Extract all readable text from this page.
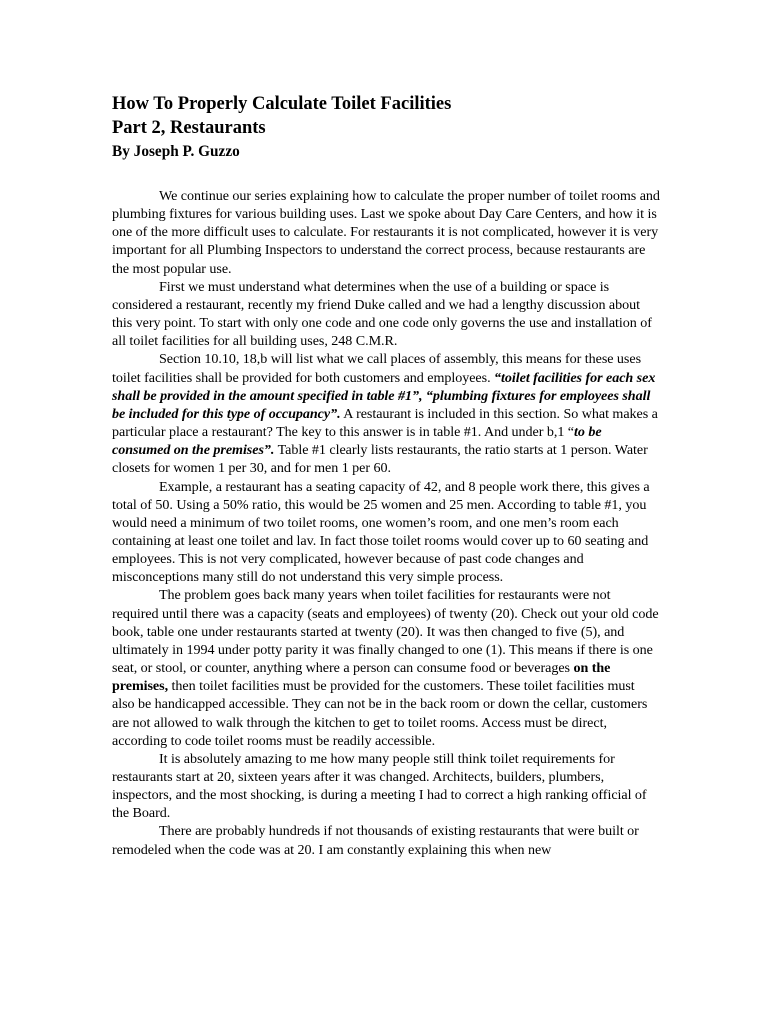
How To Properly Calculate Toilet Facilities
Part 2, Restaurants
By Joseph P. Guzzo

We continue our series explaining how to calculate the proper number of toilet rooms and plumbing fixtures for various building uses. Last we spoke about Day Care Centers, and how it is one of the more difficult uses to calculate. For restaurants it is not complicated, however it is very important for all Plumbing Inspectors to understand the correct process, because restaurants are the most popular use.

First we must understand what determines when the use of a building or space is considered a restaurant, recently my friend Duke called and we had a lengthy discussion about this very point. To start with only one code and one code only governs the use and installation of all toilet facilities for all building uses, 248 C.M.R.

Section 10.10, 18,b will list what we call places of assembly, this means for these uses toilet facilities shall be provided for both customers and employees. “toilet facilities for each sex shall be provided in the amount specified in table #1”, “plumbing fixtures for employees shall be included for this type of occupancy”. A restaurant is included in this section. So what makes a particular place a restaurant? The key to this answer is in table #1. And under b,1 “to be consumed on the premises”. Table #1 clearly lists restaurants, the ratio starts at 1 person. Water closets for women 1 per 30, and for men 1 per 60.

Example, a restaurant has a seating capacity of 42, and 8 people work there, this gives a total of 50. Using a 50% ratio, this would be 25 women and 25 men. According to table #1, you would need a minimum of two toilet rooms, one women’s room, and one men’s room each containing at least one toilet and lav. In fact those toilet rooms would cover up to 60 seating and employees. This is not very complicated, however because of past code changes and misconceptions many still do not understand this very simple process.

The problem goes back many years when toilet facilities for restaurants were not required until there was a capacity (seats and employees) of twenty (20). Check out your old code book, table one under restaurants started at twenty (20). It was then changed to five (5), and ultimately in 1994 under potty parity it was finally changed to one (1). This means if there is one seat, or stool, or counter, anything where a person can consume food or beverages on the premises, then toilet facilities must be provided for the customers. These toilet facilities must also be handicapped accessible. They can not be in the back room or down the cellar, customers are not allowed to walk through the kitchen to get to toilet rooms. Access must be direct, according to code toilet rooms must be readily accessible.

It is absolutely amazing to me how many people still think toilet requirements for restaurants start at 20, sixteen years after it was changed. Architects, builders, plumbers, inspectors, and the most shocking, is during a meeting I had to correct a high ranking official of the Board.

There are probably hundreds if not thousands of existing restaurants that were built or remodeled when the code was at 20. I am constantly explaining this when new
